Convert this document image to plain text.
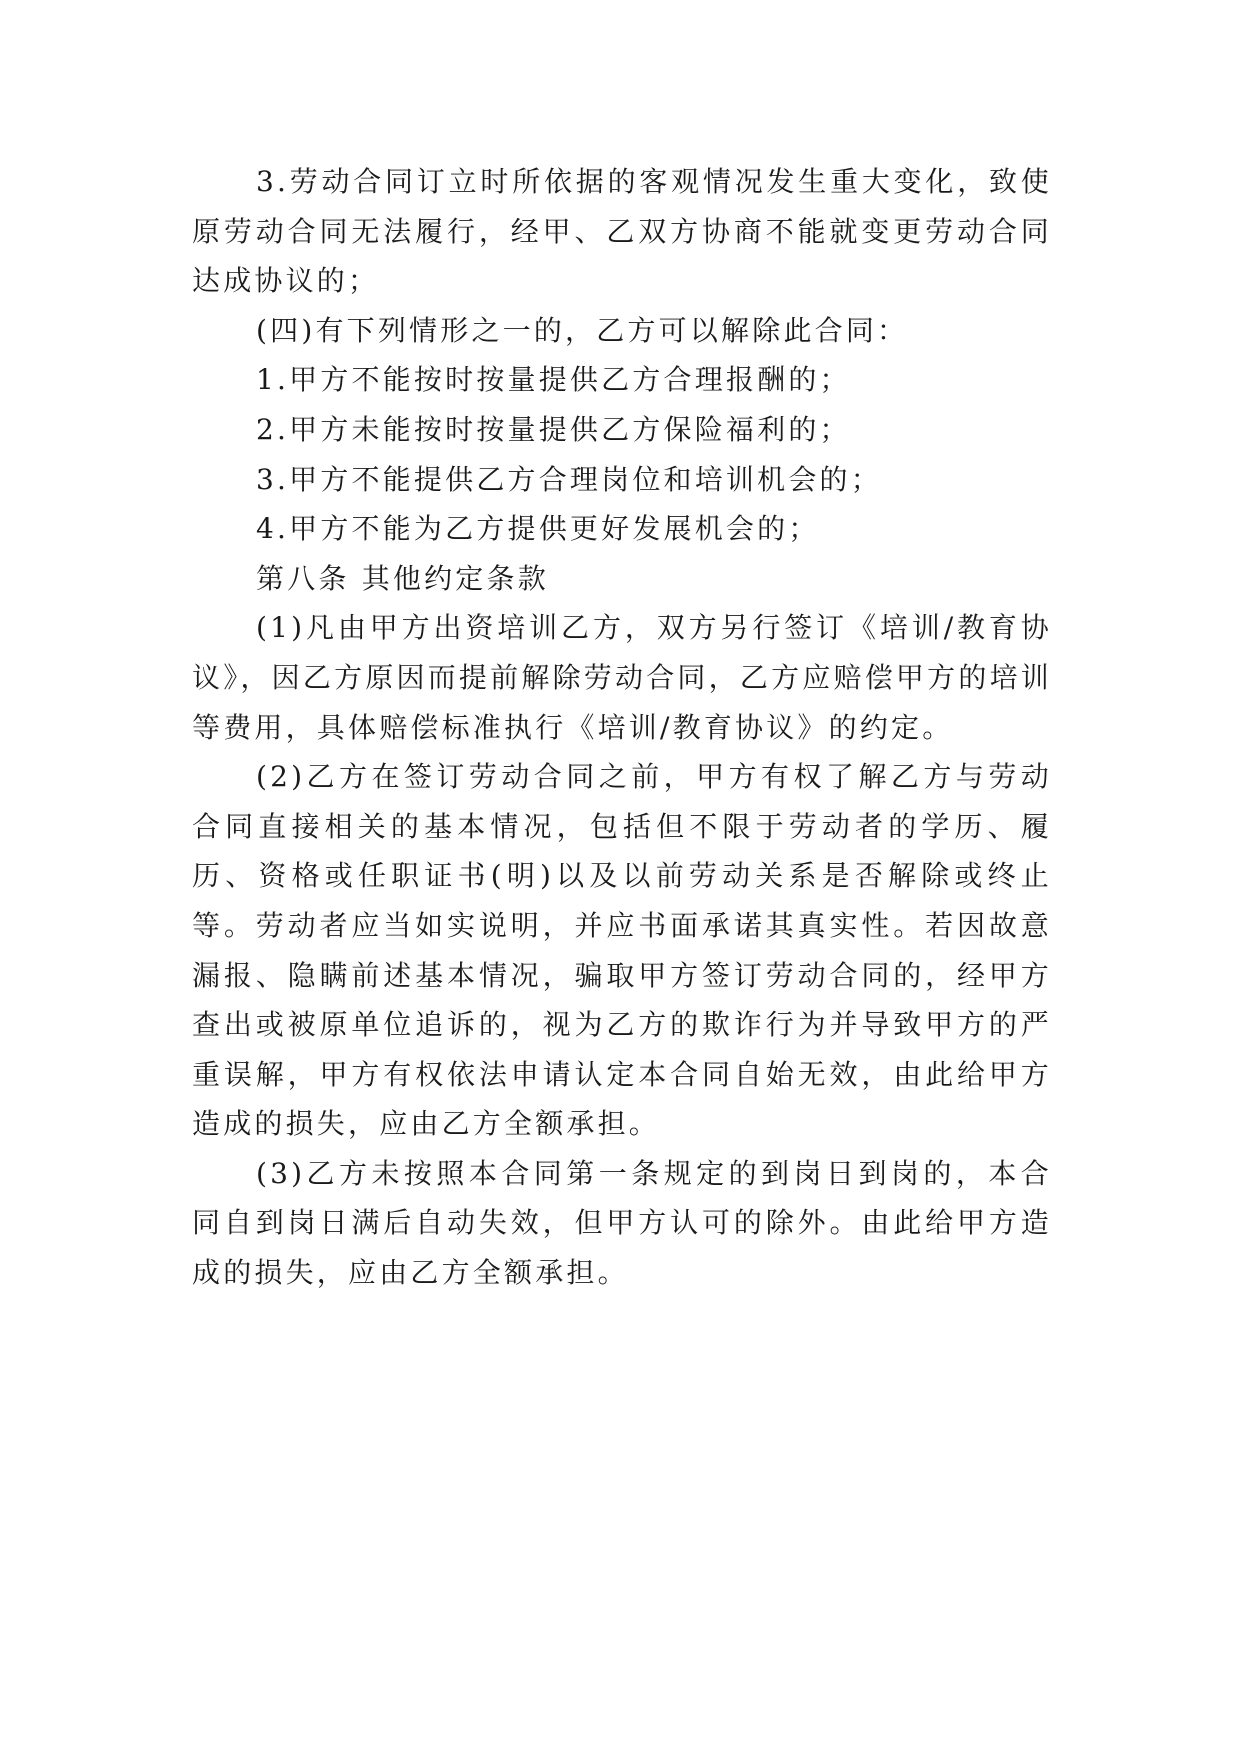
3.劳动合同订立时所依据的客观情况发生重大变化，致使原劳动合同无法履行，经甲、乙双方协商不能就变更劳动合同达成协议的；

(四)有下列情形之一的，乙方可以解除此合同：

1.甲方不能按时按量提供乙方合理报酬的；

2.甲方未能按时按量提供乙方保险福利的；

3.甲方不能提供乙方合理岗位和培训机会的；

4.甲方不能为乙方提供更好发展机会的；

第八条 其他约定条款

(1)凡由甲方出资培训乙方，双方另行签订《培训/教育协议》，因乙方原因而提前解除劳动合同，乙方应赔偿甲方的培训等费用，具体赔偿标准执行《培训/教育协议》的约定。

(2)乙方在签订劳动合同之前，甲方有权了解乙方与劳动合同直接相关的基本情况，包括但不限于劳动者的学历、履历、资格或任职证书(明)以及以前劳动关系是否解除或终止等。劳动者应当如实说明，并应书面承诺其真实性。若因故意漏报、隐瞒前述基本情况，骗取甲方签订劳动合同的，经甲方查出或被原单位追诉的，视为乙方的欺诈行为并导致甲方的严重误解，甲方有权依法申请认定本合同自始无效，由此给甲方造成的损失，应由乙方全额承担。

(3)乙方未按照本合同第一条规定的到岗日到岗的，本合同自到岗日满后自动失效，但甲方认可的除外。由此给甲方造成的损失，应由乙方全额承担。
